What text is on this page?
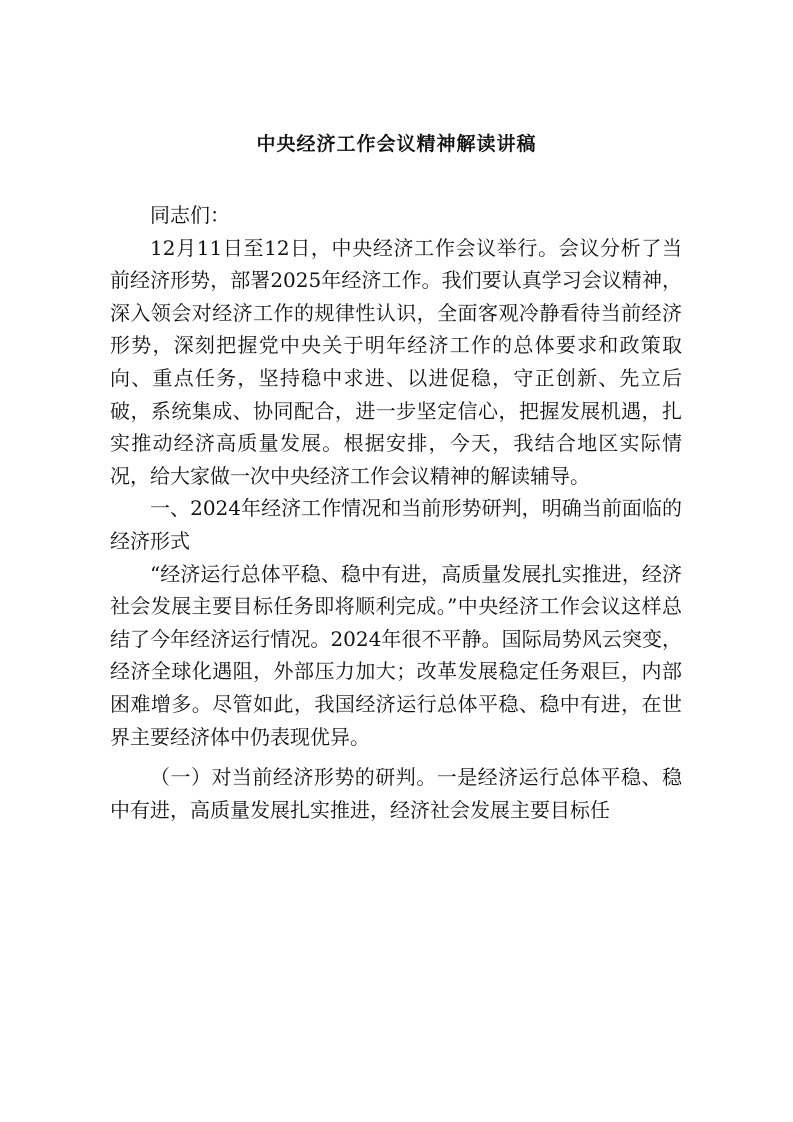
中央经济工作会议精神解读讲稿

同志们：

12月11日至12日，中央经济工作会议举行。会议分析了当前经济形势，部署2025年经济工作。我们要认真学习会议精神，深入领会对经济工作的规律性认识，全面客观冷静看待当前经济形势，深刻把握党中央关于明年经济工作的总体要求和政策取向、重点任务，坚持稳中求进、以进促稳，守正创新、先立后破，系统集成、协同配合，进一步坚定信心，把握发展机遇，扎实推动经济高质量发展。根据安排，今天，我结合地区实际情况，给大家做一次中央经济工作会议精神的解读辅导。

一、2024年经济工作情况和当前形势研判，明确当前面临的经济形式

“经济运行总体平稳、稳中有进，高质量发展扎实推进，经济社会发展主要目标任务即将顺利完成。”中央经济工作会议这样总结了今年经济运行情况。2024年很不平静。国际局势风云突变，经济全球化遇阻，外部压力加大；改革发展稳定任务艰巨，内部困难增多。尽管如此，我国经济运行总体平稳、稳中有进，在世界主要经济体中仍表现优异。

（一）对当前经济形势的研判。一是经济运行总体平稳、稳中有进，高质量发展扎实推进，经济社会发展主要目标任
